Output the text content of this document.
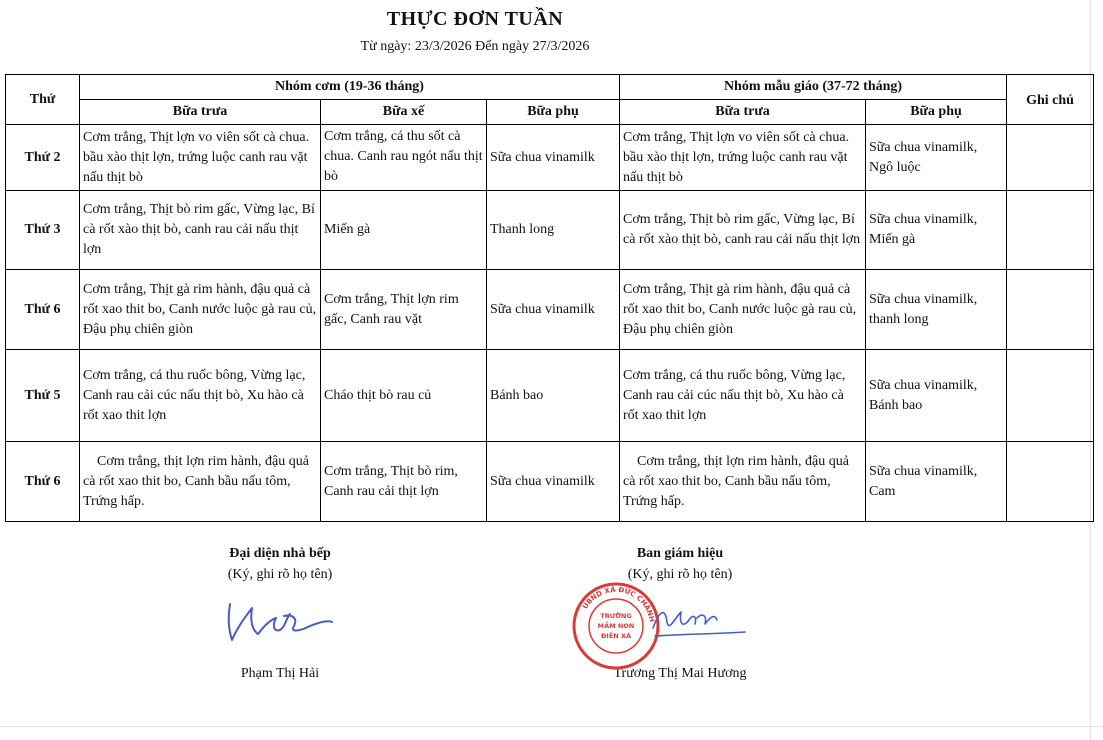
THỰC ĐƠN TUẦN
Từ ngày: 23/3/2026 Đến ngày 27/3/2026
Thứ	Nhóm cơm (19-36 tháng)			Nhóm mẫu giáo (37-72 tháng)		Ghi chú
	Bữa trưa	Bữa xế	Bữa phụ	Bữa trưa	Bữa phụ	
Thứ 2	Cơm trắng, Thịt lợn vo viên sốt cà chua. bầu xào thịt lợn, trứng luộc canh rau vặt nấu thịt bò	Cơm trắng, cá thu sốt cà chua. Canh rau ngót nấu thịt bò	Sữa chua vinamilk	Cơm trắng, Thịt lợn vo viên sốt cà chua. bầu xào thịt lợn, trứng luộc canh rau vặt nấu thịt bò	Sữa chua vinamilk, Ngô luộc	
Thứ 3	Cơm trắng, Thịt bò rim gấc, Vừng lạc, Bí cà rốt xào thịt bò, canh rau cải nấu thịt lợn	Miến gà	Thanh long	Cơm trắng, Thịt bò rim gấc, Vừng lạc, Bí cà rốt xào thịt bò, canh rau cải nấu thịt lợn	Sữa chua vinamilk, Miến gà	
Thứ 6	Cơm trắng, Thịt gà rim hành, đậu quả cà rốt xao thit bo, Canh nước luộc gà rau củ, Đậu phụ chiên giòn	Cơm trắng, Thịt lợn rim gấc, Canh rau vặt	Sữa chua vinamilk	Cơm trắng, Thịt gà rim hành, đậu quả cà rốt xao thit bo, Canh nước luộc gà rau củ, Đậu phụ chiên giòn	Sữa chua vinamilk, thanh long	
Thứ 5	Cơm trắng, cá thu ruốc bông, Vừng lạc, Canh rau cải cúc nấu thịt bò, Xu hào cà rốt xao thit lợn	Cháo thịt bò rau củ	Bánh bao	Cơm trắng, cá thu ruốc bông, Vừng lạc, Canh rau cải cúc nấu thịt bò, Xu hào cà rốt xao thit lợn	Sữa chua vinamilk, Bánh bao	
Thứ 6	Cơm trắng, thịt lợn rim hành, đậu quả cà rốt xao thit bo, Canh bầu nấu tôm, Trứng hấp.	Cơm trắng, Thịt bò rim, Canh rau cải thịt lợn	Sữa chua vinamilk	Cơm trắng, thịt lợn rim hành, đậu quả cà rốt xao thit bo, Canh bầu nấu tôm, Trứng hấp.	Sữa chua vinamilk, Cam	
Đại diện nhà bếp
(Ký, ghi rõ họ tên)
Phạm Thị Hải
Ban giám hiệu
(Ký, ghi rõ họ tên)
Trương Thị Mai Hương
UBND XÃ ĐỨC CHÁNH
TRƯỜNG
MẦM NON
ĐIỀN XÁ
